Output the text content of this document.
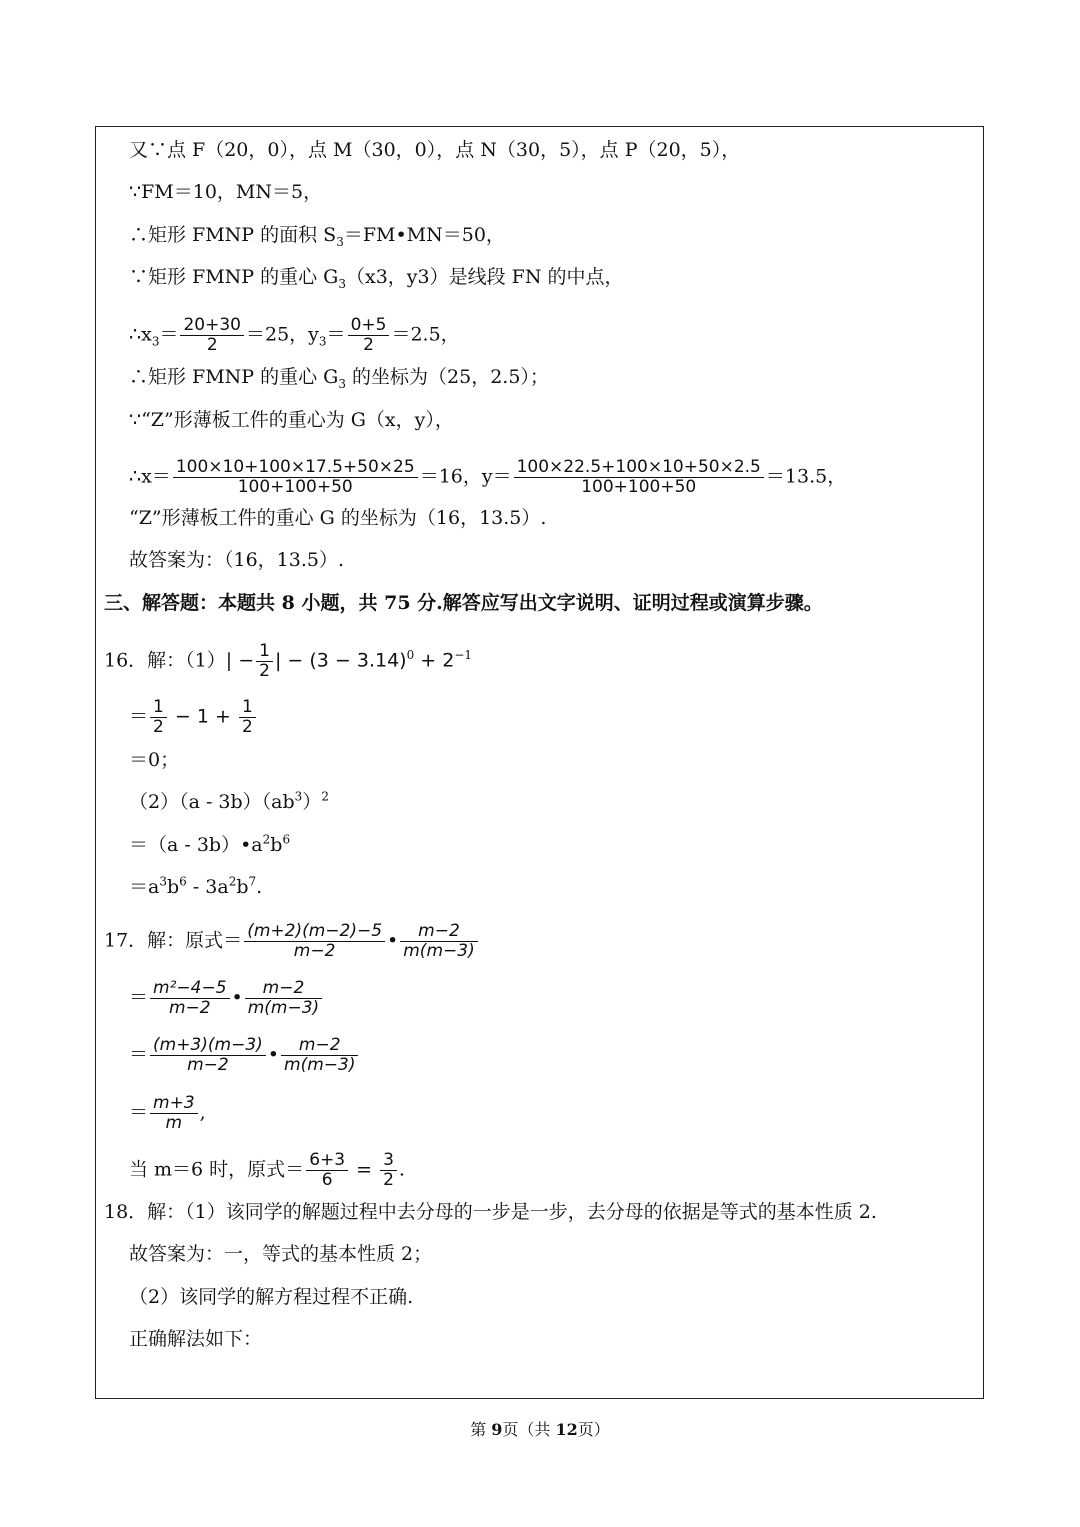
又∵点 F（20，0），点 M（30，0），点 N（30，5），点 P（20，5），
∵FM＝10，MN＝5，
∴矩形 FMNP 的面积 $S_3=FM•MN=50$，
∵矩形 FMNP 的重心 $G_3(x3$，y3）是线段 FN 的中点，
$\therefore x_3= \frac{20+30}{2} =25$，$y_3= \frac{0+5}{2} =2.5$，
∴矩形 FMNP 的重心 $G_3$ 的坐标为（25，2.5）；
∵“Z”形薄板工件的重心为 G（x，y），
∴x＝ $\frac{100\times 10+100\times 17.5+50\times 25}{100+100+50} =16$，$y= \frac{100\times 22.5+100\times 10+50\times 2.5}{100+100+50} =13.5$，
“Z”形薄板工件的重心 G 的坐标为（16，13.5）.
故答案为：（16，13.5）.
三、解答题：本题共 8 小题，共 75 分.解答应写出文字说明、证明过程或演算步骤。
16．解：$(1)| - \frac{1}{2}$ | − $(3 - 3.14)^0 + 2^{-1}$
＝ $\frac{1}{2} - 1 + \frac{1}{2}$
＝0；
$(2)(a - 3b)(ab^3)^2$
$=(a - 3b)•a^2b^6$
$=a^3b^6 - 3a^2b^7$.
17．解：原式＝ $\frac{(m+2)(m-2)-5}{m-2}$ • $\frac{m-2}{m(m-3)}$
＝ $\frac{\text{m²−4−5}}{m-2}$ • $\frac{m-2}{m(m-3)}$
＝ $\frac{(m+3)(m-3)}{m-2}$ • $\frac{m-2}{m(m-3)}$
＝ $\frac{m+3}{m}$ ,
当 m＝6 时，原式＝ $\frac{6+3}{6} = \frac{3}{2}$ .
18．解：（1）该同学的解题过程中去分母的一步是一步，去分母的依据是等式的基本性质 2.
故答案为：一，等式的基本性质 2；
（2）该同学的解方程过程不正确.
正确解法如下：
第 9页（共 12页）
